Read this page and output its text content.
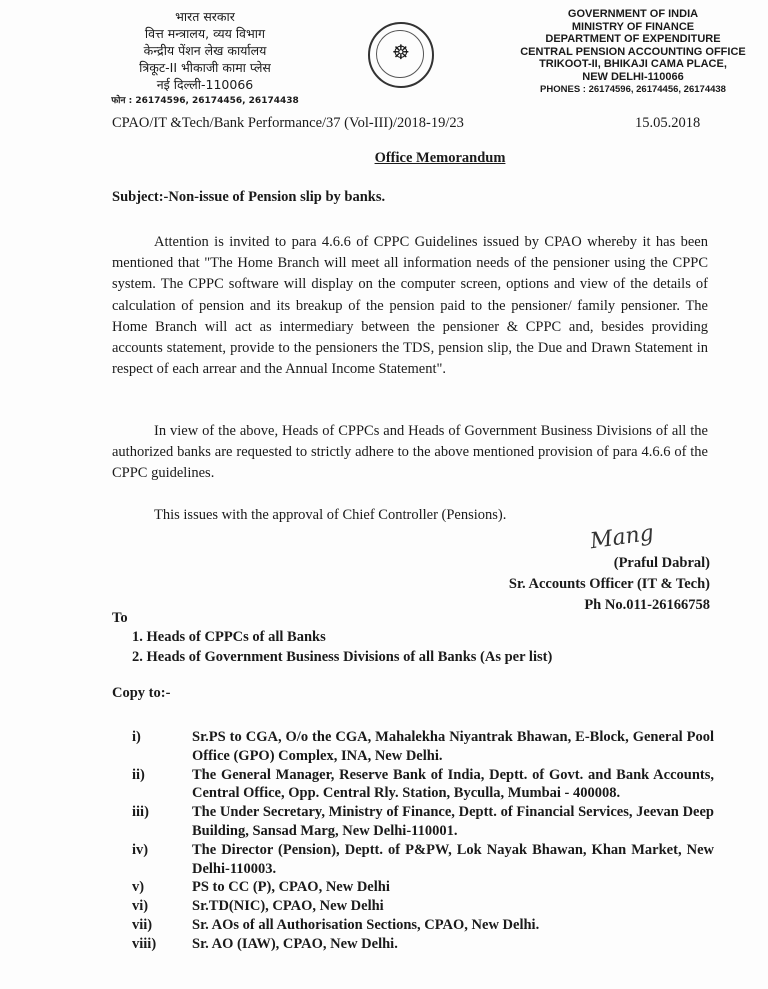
भारत सरकार
वित्त मन्त्रालय, व्यय विभाग
केन्द्रीय पेंशन लेख कार्यालय
त्रिकूट-II भीकाजी कामा प्लेस
नई दिल्ली-110066
फोन : 26174596, 26174456, 26174438
☸
GOVERNMENT OF INDIA
MINISTRY OF FINANCE
DEPARTMENT OF EXPENDITURE
CENTRAL PENSION ACCOUNTING OFFICE
TRIKOOT-II, BHIKAJI CAMA PLACE,
NEW DELHI-110066
PHONES : 26174596, 26174456, 26174438
CPAO/IT &Tech/Bank Performance/37 (Vol-III)/2018-19/23	15.05.2018
Office Memorandum
Subject:-Non-issue of Pension slip by banks.
Attention is invited to para 4.6.6 of CPPC Guidelines issued by CPAO whereby it has been mentioned that "The Home Branch will meet all information needs of the pensioner using the CPPC system. The CPPC software will display on the computer screen, options and view of the details of calculation of pension and its breakup of the pension paid to the pensioner/ family pensioner. The Home Branch will act as intermediary between the pensioner & CPPC and, besides providing accounts statement, provide to the pensioners the TDS, pension slip, the Due and Drawn Statement in respect of each arrear and the Annual Income Statement".
In view of the above, Heads of CPPCs and Heads of Government Business Divisions of all the authorized banks are requested to strictly adhere to the above mentioned provision of para 4.6.6 of the CPPC guidelines.
This issues with the approval of Chief Controller (Pensions).
Mang
(Praful Dabral)
Sr. Accounts Officer (IT & Tech)
Ph No.011-26166758
To
1. Heads of CPPCs of all Banks
2. Heads of Government Business Divisions of all Banks (As per list)
Copy to:-
i)	Sr.PS to CGA, O/o the CGA, Mahalekha Niyantrak Bhawan, E-Block, General Pool Office (GPO) Complex, INA, New Delhi.
ii)	The General Manager, Reserve Bank of India, Deptt. of Govt. and Bank Accounts, Central Office, Opp. Central Rly. Station, Byculla, Mumbai - 400008.
iii)	The Under Secretary, Ministry of Finance, Deptt. of Financial Services, Jeevan Deep Building, Sansad Marg, New Delhi-110001.
iv)	The Director (Pension), Deptt. of P&PW, Lok Nayak Bhawan, Khan Market, New Delhi-110003.
v)	PS to CC (P), CPAO, New Delhi
vi)	Sr.TD(NIC), CPAO, New Delhi
vii)	Sr. AOs of all Authorisation Sections, CPAO, New Delhi.
viii)	Sr. AO (IAW), CPAO, New Delhi.
